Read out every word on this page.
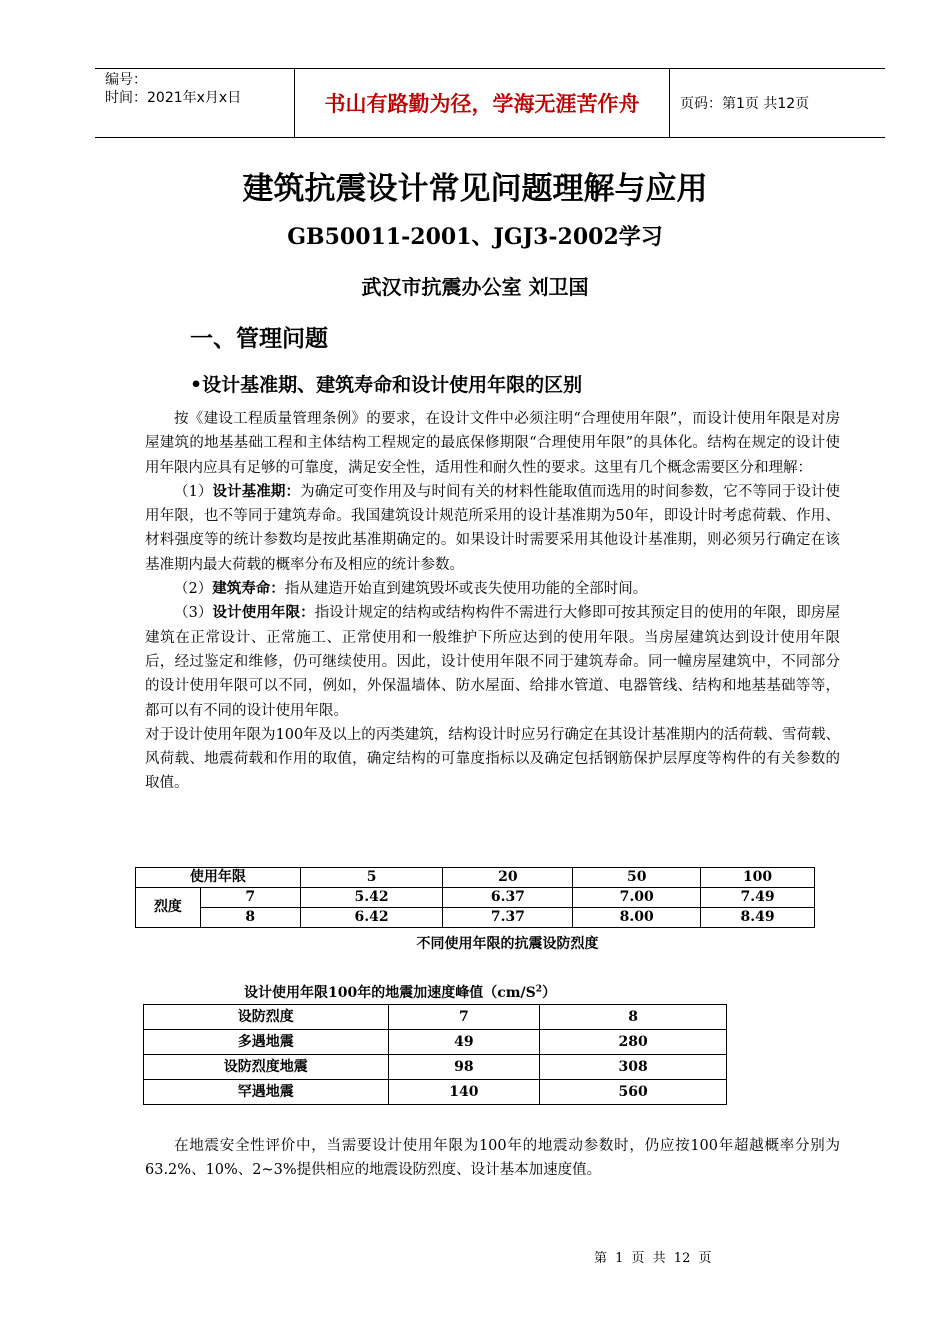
编号：
时间：2021年x月x日	书山有路勤为径，学海无涯苦作舟	页码：第1页 共12页
建筑抗震设计常见问题理解与应用
GB50011-2001、JGJ3-2002学习
武汉市抗震办公室 刘卫国
一、管理问题
•设计基准期、建筑寿命和设计使用年限的区别

按《建设工程质量管理条例》的要求，在设计文件中必须注明“合理使用年限”，而设计使用年限是对房屋建筑的地基基础工程和主体结构工程规定的最底保修期限“合理使用年限”的具体化。结构在规定的设计使用年限内应具有足够的可靠度，满足安全性，适用性和耐久性的要求。这里有几个概念需要区分和理解：

（1）设计基准期：为确定可变作用及与时间有关的材料性能取值而选用的时间参数，它不等同于设计使用年限，也不等同于建筑寿命。我国建筑设计规范所采用的设计基准期为50年，即设计时考虑荷载、作用、材料强度等的统计参数均是按此基准期确定的。如果设计时需要采用其他设计基准期，则必须另行确定在该基准期内最大荷载的概率分布及相应的统计参数。

（2）建筑寿命：指从建造开始直到建筑毁坏或丧失使用功能的全部时间。

（3）设计使用年限：指设计规定的结构或结构构件不需进行大修即可按其预定目的使用的年限，即房屋建筑在正常设计、正常施工、正常使用和一般维护下所应达到的使用年限。当房屋建筑达到设计使用年限后，经过鉴定和维修，仍可继续使用。因此，设计使用年限不同于建筑寿命。同一幢房屋建筑中，不同部分的设计使用年限可以不同，例如，外保温墙体、防水屋面、给排水管道、电器管线、结构和地基基础等等，都可以有不同的设计使用年限。

对于设计使用年限为100年及以上的丙类建筑，结构设计时应另行确定在其设计基准期内的活荷载、雪荷载、风荷载、地震荷载和作用的取值，确定结构的可靠度指标以及确定包括钢筋保护层厚度等构件的有关参数的取值。

使用年限		5	20	50	100
烈度	7	5.42	6.37	7.00	7.49
	8	6.42	7.37	8.00	8.49
不同使用年限的抗震设防烈度
设计使用年限100年的地震加速度峰值$(cm/S^2)$
设防烈度	7	8
多遇地震	49	280
设防烈度地震	98	308
罕遇地震	140	560
在地震安全性评价中，当需要设计使用年限为100年的地震动参数时，仍应按100年超越概率分别为63.2%、10%、2~3%提供相应的地震设防烈度、设计基本加速度值。
第 1 页 共 12 页
